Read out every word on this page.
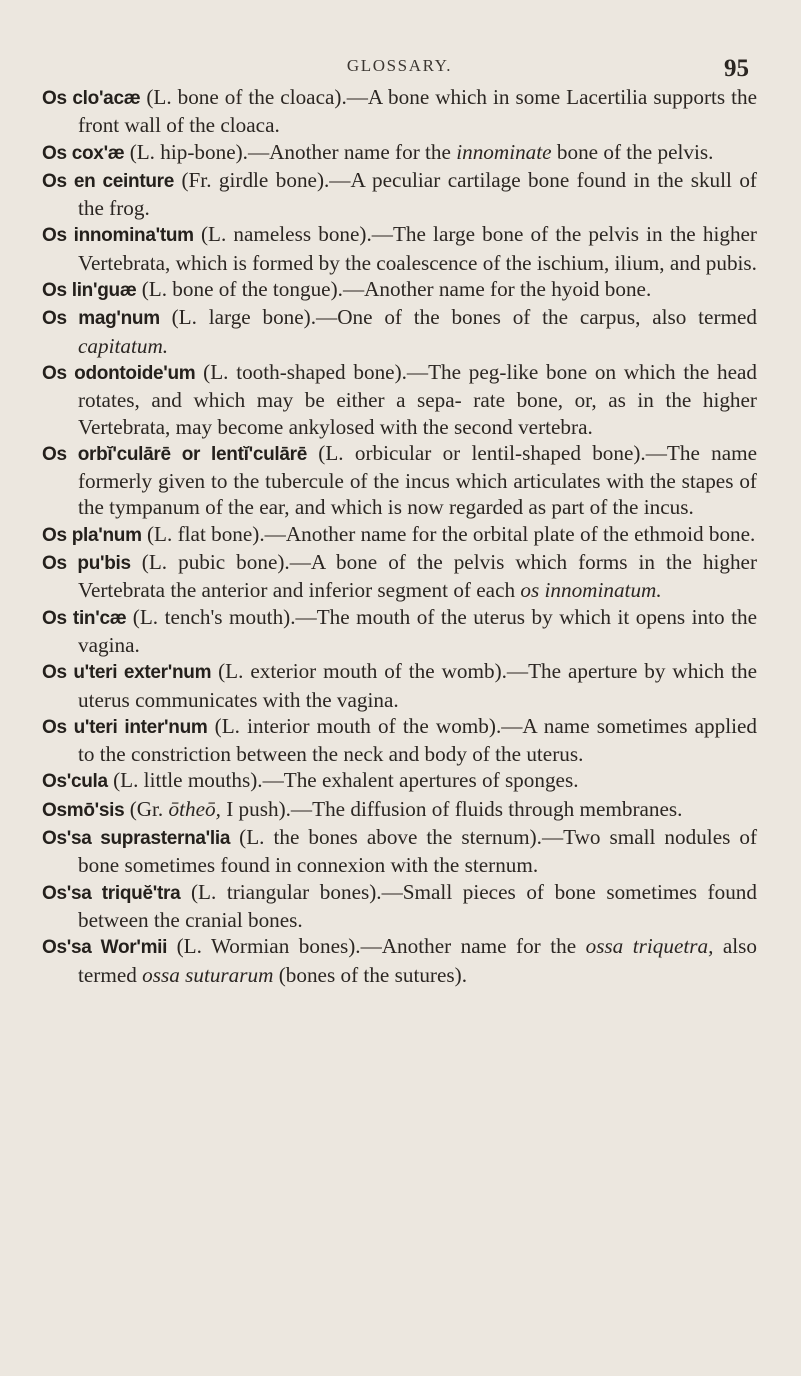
GLOSSARY.	95
Os clo'acæ (L. bone of the cloaca).—A bone which in some Lacertilia supports the front wall of the cloaca.
Os cox'æ (L. hip-bone).—Another name for the innominate bone of the pelvis.
Os en ceinture (Fr. girdle bone).—A peculiar cartilage bone found in the skull of the frog.
Os innomina'tum (L. nameless bone).—The large bone of the pelvis in the higher Vertebrata, which is formed by the coalescence of the ischium, ilium, and pubis.
Os lin'guæ (L. bone of the tongue).—Another name for the hyoid bone.
Os mag'num (L. large bone).—One of the bones of the carpus, also termed capitatum.
Os odontoide'um (L. tooth-shaped bone).—The peg-like bone on which the head rotates, and which may be either a sepa- rate bone, or, as in the higher Vertebrata, may become ankylosed with the second vertebra.
Os orbĭ'culārē or lentĭ'culārē (L. orbicular or lentil-shaped bone).—The name formerly given to the tubercule of the incus which articulates with the stapes of the tympanum of the ear, and which is now regarded as part of the incus.
Os pla'num (L. flat bone).—Another name for the orbital plate of the ethmoid bone.
Os pu'bis (L. pubic bone).—A bone of the pelvis which forms in the higher Vertebrata the anterior and inferior segment of each os innominatum.
Os tin'cæ (L. tench's mouth).—The mouth of the uterus by which it opens into the vagina.
Os u'teri exter'num (L. exterior mouth of the womb).—The aperture by which the uterus communicates with the vagina.
Os u'teri inter'num (L. interior mouth of the womb).—A name sometimes applied to the constriction between the neck and body of the uterus.
Os'cula (L. little mouths).—The exhalent apertures of sponges.
Osmō'sis (Gr. ōtheō, I push).—The diffusion of fluids through membranes.
Os'sa suprasterna'lia (L. the bones above the sternum).—Two small nodules of bone sometimes found in connexion with the sternum.
Os'sa triquĕ'tra (L. triangular bones).—Small pieces of bone sometimes found between the cranial bones.
Os'sa Wor'mii (L. Wormian bones).—Another name for the ossa triquetra, also termed ossa suturarum (bones of the sutures).
